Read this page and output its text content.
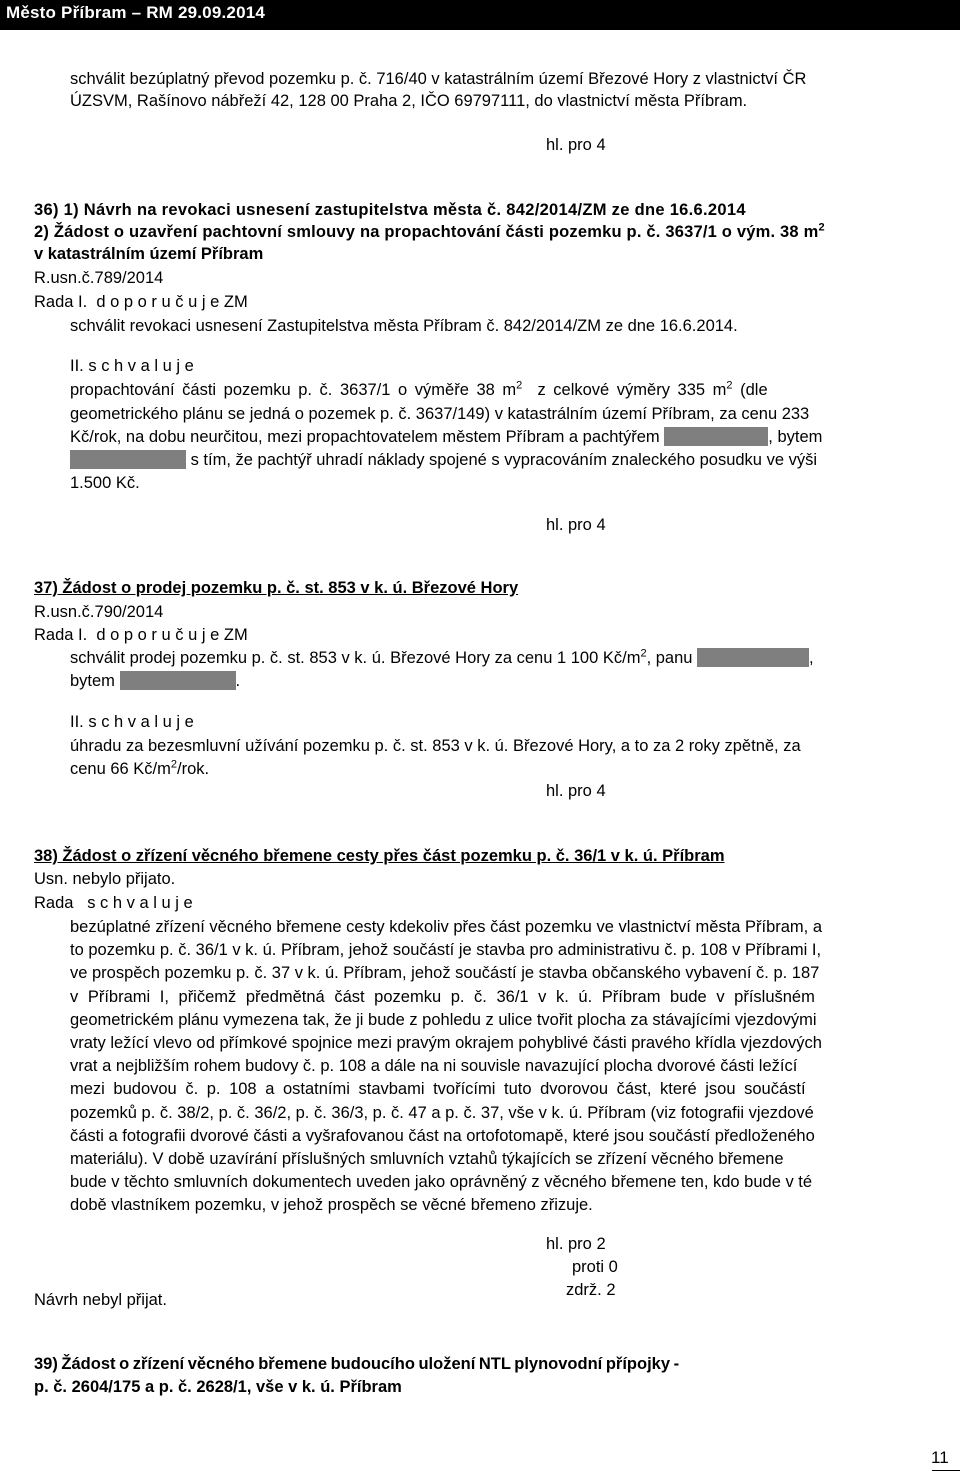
Město Příbram – RM 29.09.2014
schválit bezúplatný převod pozemku p. č. 716/40 v katastrálním území Březové Hory z vlastnictví ČR
ÚZSVM, Rašínovo nábřeží 42, 128 00 Praha 2, IČO 69797111, do vlastnictví města Příbram.
hl. pro 4
36) 1) Návrh na revokaci usnesení zastupitelstva města č. 842/2014/ZM ze dne 16.6.2014
2) Žádost o uzavření pachtovní smlouvy na propachtování části pozemku p. č. 3637/1 o vým. 38 $m^2$
v katastrálním území Příbram
R.usn.č.789/2014
Rada I. d o p o r u č u j e ZM
schválit revokaci usnesení Zastupitelstva města Příbram č. 842/2014/ZM ze dne 16.6.2014.
II. s c h v a l u j e
propachtování části pozemku p. č. 3637/1 o výměře 38 $m^2$ z celkové výměry 335 $m^2$ (dle
geometrického plánu se jedná o pozemek p. č. 3637/149) v katastrálním území Příbram, za cenu 233
Kč/rok, na dobu neurčitou, mezi propachtovatelem městem Příbram a pachtýřem	, bytem
s tím, že pachtýř uhradí náklady spojené s vypracováním znaleckého posudku ve výši
1.500 Kč.
hl. pro 4
37) Žádost o prodej pozemku p. č. st. 853 v k. ú. Březové Hory
R.usn.č.790/2014
Rada I. d o p o r u č u j e ZM
schválit prodej pozemku p. č. st. 853 v k. ú. Březové Hory za cenu 1 100 $Kč/m^2$, panu	,
bytem	.
II. s c h v a l u j e
úhradu za bezesmluvní užívání pozemku p. č. st. 853 v k. ú. Březové Hory, a to za 2 roky zpětně, za
cenu 66 $Kč/m^2$/rok.
hl. pro 4
38) Žádost o zřízení věcného břemene cesty přes část pozemku p. č. 36/1 v k. ú. Příbram
Usn. nebylo přijato.
Rada s c h v a l u j e
bezúplatné zřízení věcného břemene cesty kdekoliv přes část pozemku ve vlastnictví města Příbram, a
to pozemku p. č. 36/1 v k. ú. Příbram, jehož součástí je stavba pro administrativu č. p. 108 v Příbrami I,
ve prospěch pozemku p. č. 37 v k. ú. Příbram, jehož součástí je stavba občanského vybavení č. p. 187
v Příbrami I, přičemž předmětná část pozemku p. č. 36/1 v k. ú. Příbram bude v příslušném
geometrickém plánu vymezena tak, že ji bude z pohledu z ulice tvořit plocha za stávajícími vjezdovými
vraty ležící vlevo od přímkové spojnice mezi pravým okrajem pohyblivé části pravého křídla vjezdových
vrat a nejbližším rohem budovy č. p. 108 a dále na ni souvisle navazující plocha dvorové části ležící
mezi budovou č. p. 108 a ostatními stavbami tvořícími tuto dvorovou část, které jsou součástí
pozemků p. č. 38/2, p. č. 36/2, p. č. 36/3, p. č. 47 a p. č. 37, vše v k. ú. Příbram (viz fotografii vjezdové
části a fotografii dvorové části a vyšrafovanou část na ortofotomapě, které jsou součástí předloženého
materiálu). V době uzavírání příslušných smluvních vztahů týkajících se zřízení věcného břemene
bude v těchto smluvních dokumentech uveden jako oprávněný z věcného břemene ten, kdo bude v té
době vlastníkem pozemku, v jehož prospěch se věcné břemeno zřizuje.
hl. pro 2
proti 0
zdrž. 2
Návrh nebyl přijat.
39) Žádost o zřízení věcného břemene budoucího uložení NTL plynovodní přípojky -
p. č. 2604/175 a p. č. 2628/1, vše v k. ú. Příbram
11
